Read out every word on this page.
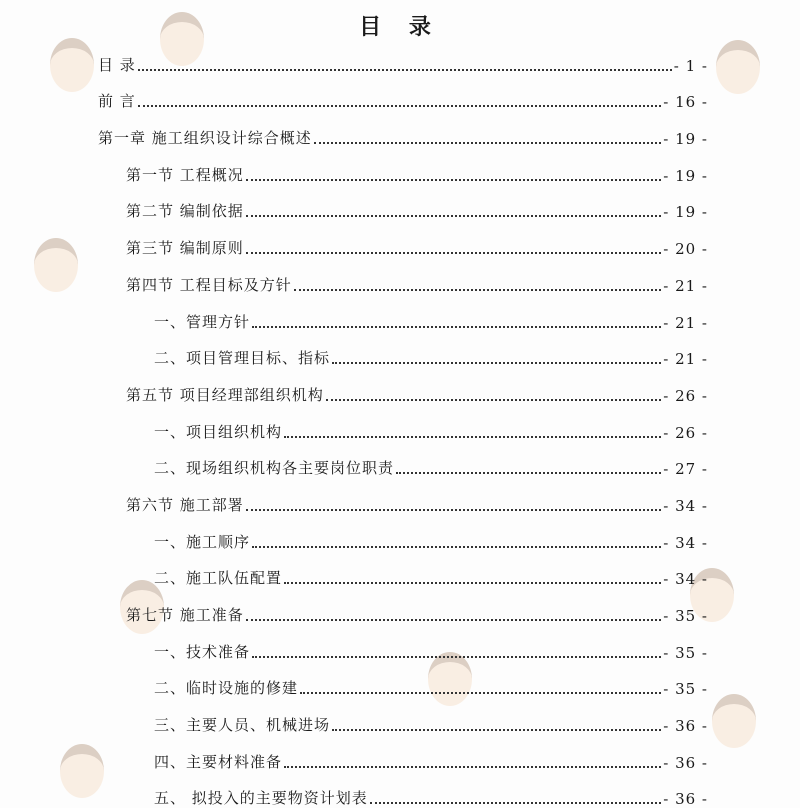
目 录
目 录	- 1 -
前 言	- 16 -
第一章 施工组织设计综合概述	- 19 -
第一节 工程概况	- 19 -
第二节 编制依据	- 19 -
第三节 编制原则	- 20 -
第四节 工程目标及方针	- 21 -
一、管理方针	- 21 -
二、项目管理目标、指标	- 21 -
第五节 项目经理部组织机构	- 26 -
一、项目组织机构	- 26 -
二、现场组织机构各主要岗位职责	- 27 -
第六节 施工部署	- 34 -
一、施工顺序	- 34 -
二、施工队伍配置	- 34 -
第七节 施工准备	- 35 -
一、技术准备	- 35 -
二、临时设施的修建	- 35 -
三、主要人员、机械进场	- 36 -
四、主要材料准备	- 36 -
五、 拟投入的主要物资计划表	- 36 -
